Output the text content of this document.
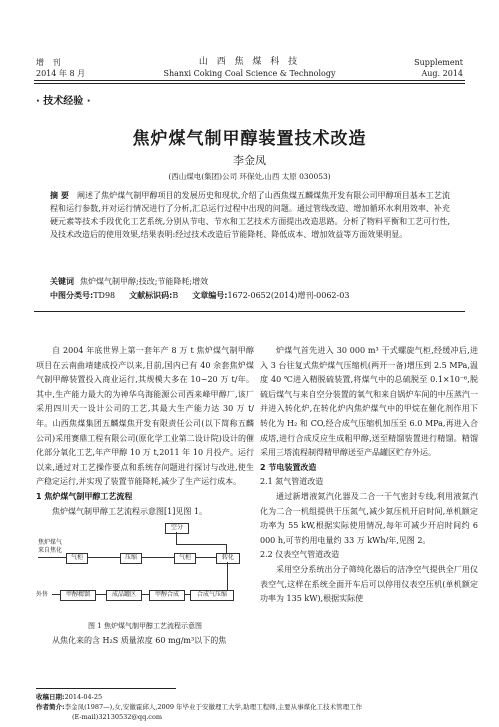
增 刊
2014 年 8 月
山 西 焦 煤 科 技
Shanxi Coking Coal Science & Technology
Supplement
Aug. 2014
· 技术经验 ·
焦炉煤气制甲醇装置技术改造
李金凤
(西山煤电(集团)公司 环保处,山西 太原 030053)
摘 要 阐述了焦炉煤气制甲醇项目的发展历史和现状,介绍了山西焦煤五麟煤焦开发有限公司甲醇项目基本工艺流程和运行参数,并对运行情况进行了分析,汇总运行过程中出现的问题。通过管线改造、增加循环水利用效率、补充硬元素等技术手段优化工艺系统,分别从节电、节水和工艺技术方面提出改造思路。分析了物料平衡和工艺可行性,及技术改造后的使用效果,结果表明:经过技术改造后节能降耗、降低成本、增加效益等方面效果明显。
关键词 焦炉煤气制甲醇;技改;节能降耗;增效
中图分类号:TD98 文献标识码:B 文章编号:1672-0652(2014)增刊-0062-03

自 2004 年底世界上第一套年产 8 万 t 焦炉煤气制甲醇项目在云南曲靖建成投产以来,目前,国内已有 40 余套焦炉煤气制甲醇装置投入商业运行,其规模大多在 10~20 万 t/年。其中,生产能力最大的为神华乌海能源公司西来峰甲醇厂,该厂采用四川天一设计公司的工艺,其最大生产能力达 30 万 t/年。山西焦煤集团五麟煤焦开发有限责任公司(以下简称五麟公司)采用赛鼎工程有限公司(原化学工业第二设计院)设计的催化部分氧化工艺,年产甲醇 10 万 t,2011 年 10 月投产。运行以来,通过对工艺操作要点和系统存问题进行探讨与改进,使生产稳定运行,并实现了装置节能降耗,减少了生产运行成本。

1 焦炉煤气制甲醇工艺流程

焦炉煤气制甲醇工艺流程示意图[1]见图 1。

空分
焦炉煤气
来自焦化
气柜	压缩	气柜	转化
外售	甲醇精馏	成品罐区	甲醇合成	合成气压缩

图 1 焦炉煤气制甲醇工艺流程示意图

从焦化来的含 H₂S 质量浓度 60 mg/m³以下的焦

炉煤气首先进入 30 000 m³ 干式螺旋气柜,经缓冲后,进入 3 台往复式焦炉煤气压缩机(两开一备)增压到 2.5 MPa,温度 40 ℃进入精脱硫装置,将煤气中的总硫脱至 0.1×10⁻⁶,脱硫后煤气与来自空分装置的氧气和来自锅炉车间的中压蒸汽一并进入转化炉,在转化炉内焦炉煤气中的甲烷在催化剂作用下转化为 H₂ 和 CO,经合成气压缩机加压至 6.0 MPa,再进入合成塔,进行合成反应生成粗甲醇,送至精馏装置进行精馏。精馏采用三塔流程制得精甲醇送至产品罐区贮存外运。

2 节电装置改造

2.1 氮气管道改造

通过新增液氮汽化器及二合一干气密封专线,利用液氮汽化为二合一机组提供干压氮气,减少氮压机开启时间,单机额定功率为 55 kW,根据实际使用情况,每年可减少开启时间约 6 000 h,可节约用电量约 33 万 kWh/年,见图 2。

2.2 仪表空气管道改造

采用空分系统出分子筛纯化器后的洁净空气提供全厂用仪表空气,这样在系统全面开车后可以停用仪表空压机(单机额定功率为 135 kW),根据实际使

收稿日期:2014-04-25
作者简介:李金凤(1987—),女,安徽霍邱人,2009 年毕业于安徽理工大学,助理工程师,主要从事煤化工技术管理工作
(E-mail)32130532@qq.com
